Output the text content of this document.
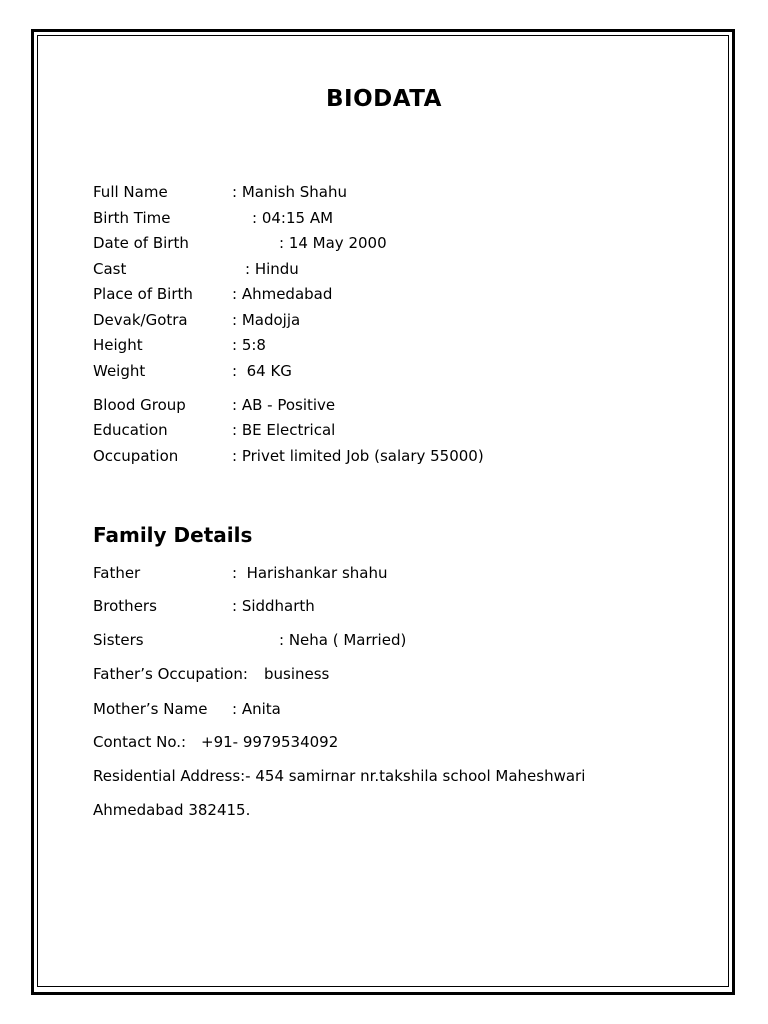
BIODATA
Full Name	: Manish Shahu
Birth Time	: 04:15 AM
Date of Birth	: 14 May 2000
Cast	: Hindu
Place of Birth	: Ahmedabad
Devak/Gotra	: Madojja
Height	: 5:8
Weight	:  64 KG
Blood Group	: AB - Positive
Education	: BE Electrical
Occupation	: Privet limited Job (salary 55000)
Family Details
Father	:  Harishankar shahu
Brothers	: Siddharth
Sisters	: Neha ( Married)
Father’s Occupation: business
Mother’s Name : Anita
Contact No.: +91- 9979534092
Residential Address:- 454 samirnar nr.takshila school Maheshwari
Ahmedabad 382415.
